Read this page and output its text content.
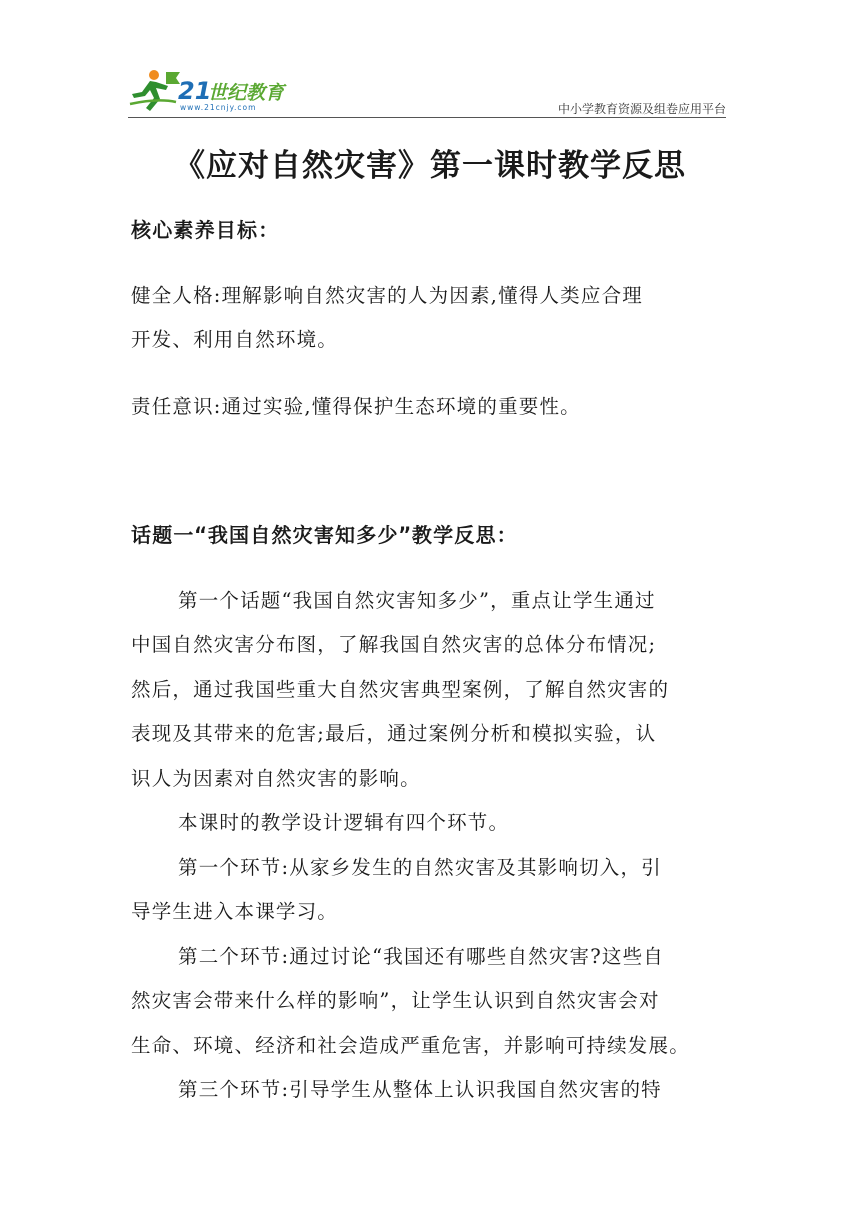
21
世纪教育
www.21cnjy.com	中小学教育资源及组卷应用平台
《应对自然灾害》第一课时教学反思
核心素养目标：
健全人格:理解影响自然灾害的人为因素,懂得人类应合理
开发、利用自然环境。
责任意识:通过实验,懂得保护生态环境的重要性。
话题一“我国自然灾害知多少”教学反思：
第一个话题“我国自然灾害知多少”，重点让学生通过
中国自然灾害分布图，了解我国自然灾害的总体分布情况;
然后，通过我国些重大自然灾害典型案例，了解自然灾害的
表现及其带来的危害;最后，通过案例分析和模拟实验，认
识人为因素对自然灾害的影响。
本课时的教学设计逻辑有四个环节。
第一个环节:从家乡发生的自然灾害及其影响切入，引
导学生进入本课学习。
第二个环节:通过讨论“我国还有哪些自然灾害?这些自
然灾害会带来什么样的影响”，让学生认识到自然灾害会对
生命、环境、经济和社会造成严重危害，并影响可持续发展。
第三个环节:引导学生从整体上认识我国自然灾害的特
